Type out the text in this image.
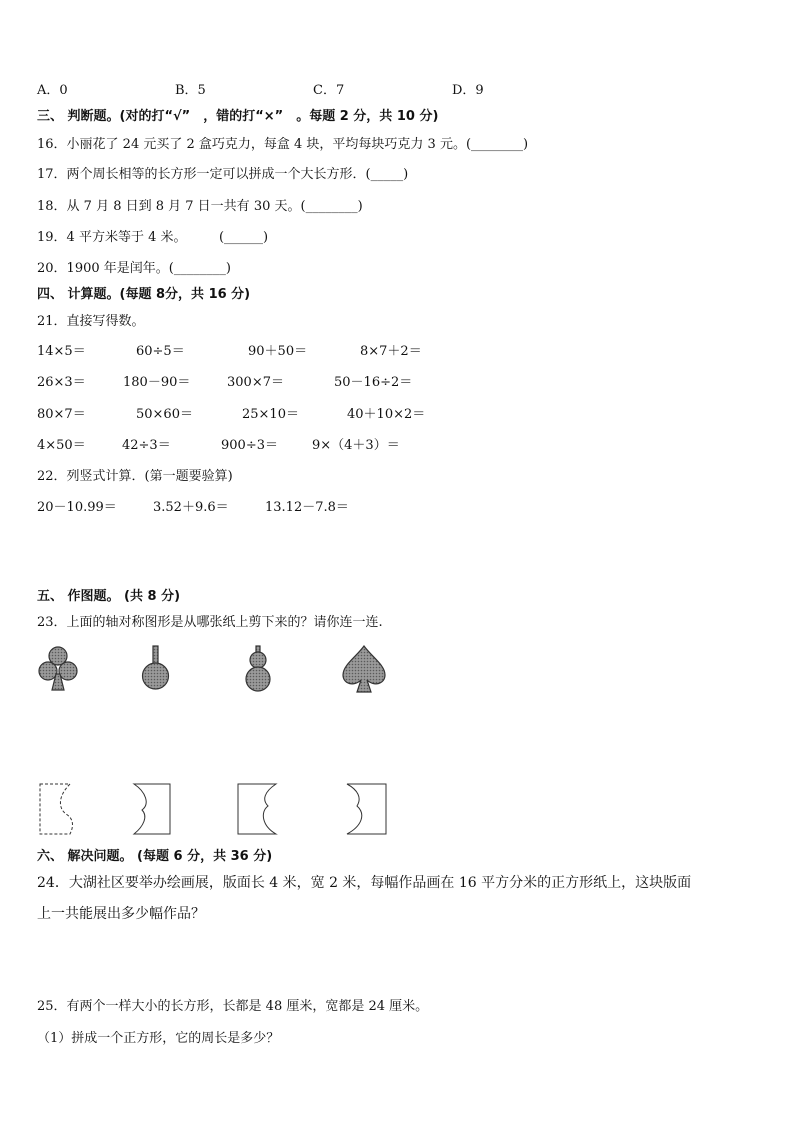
A．0	B．5	C．7	D．9
三、 判断题。(对的打“√”　，错的打“×”　。每题 2 分，共 10 分)
16．小丽花了 24 元买了 2 盒巧克力，每盒 4 块，平均每块巧克力 3 元。(________)
17．两个周长相等的长方形一定可以拼成一个大长方形．(_____)
18．从 7 月 8 日到 8 月 7 日一共有 30 天。(________)
19．4 平方米等于 4 米。　　　(______)
20．1900 年是闰年。(________)
四、 计算题。(每题 8分，共 16 分)
21．直接写得数。
14×5＝	60÷5＝	90＋50＝	8×7＋2＝
26×3＝	180－90＝	300×7＝	50－16÷2＝
80×7＝	50×60＝	25×10＝	40＋10×2＝
4×50＝	42÷3＝	900÷3＝	9×（4＋3）＝
22．列竖式计算．(第一题要验算)
20－10.99＝	3.52＋9.6＝	13.12－7.8＝
五、 作图题。 (共 8 分)
23．上面的轴对称图形是从哪张纸上剪下来的？请你连一连.
六、 解决问题。 (每题 6 分，共 36 分)
24．大湖社区要举办绘画展，版面长 4 米，宽 2 米，每幅作品画在 16 平方分米的正方形纸上，这块版面
上一共能展出多少幅作品？
25．有两个一样大小的长方形，长都是 48 厘米，宽都是 24 厘米。
（1）拼成一个正方形，它的周长是多少？
